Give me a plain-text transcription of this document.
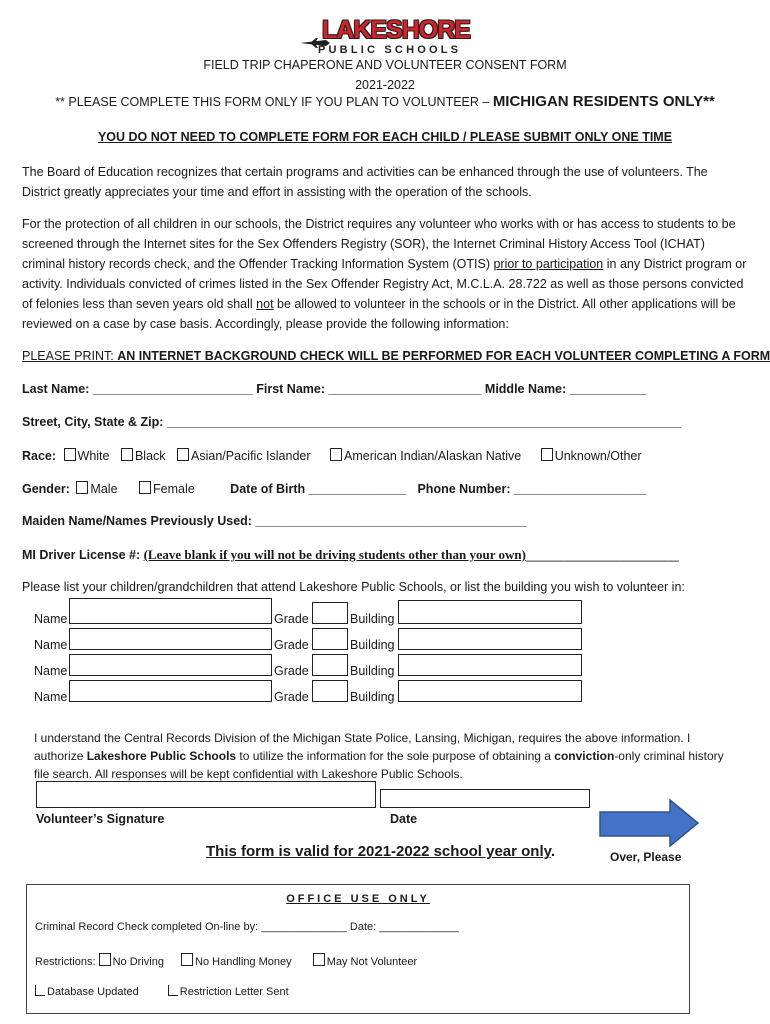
LAKESHORE
PUBLIC SCHOOLS
FIELD TRIP CHAPERONE AND VOLUNTEER CONSENT FORM
2021-2022
** PLEASE COMPLETE THIS FORM ONLY IF YOU PLAN TO VOLUNTEER – MICHIGAN RESIDENTS ONLY**
YOU DO NOT NEED TO COMPLETE FORM FOR EACH CHILD / PLEASE SUBMIT ONLY ONE TIME
The Board of Education recognizes that certain programs and activities can be enhanced through the use of volunteers. The District greatly appreciates your time and effort in assisting with the operation of the schools.
For the protection of all children in our schools, the District requires any volunteer who works with or has access to students to be screened through the Internet sites for the Sex Offenders Registry (SOR), the Internet Criminal History Access Tool (ICHAT) criminal history records check, and the Offender Tracking Information System (OTIS) prior to participation in any District program or activity. Individuals convicted of crimes listed in the Sex Offender Registry Act, M.C.L.A. 28.722 as well as those persons convicted of felonies less than seven years old shall not be allowed to volunteer in the schools or in the District. All other applications will be reviewed on a case by case basis. Accordingly, please provide the following information:
PLEASE PRINT: AN INTERNET BACKGROUND CHECK WILL BE PERFORMED FOR EACH VOLUNTEER COMPLETING A FORM
Last Name: _______________________ First Name: ______________________ Middle Name: ___________
Street, City, State & Zip: __________________________________________________________________________
Race: White Black Asian/Pacific Islander	American Indian/Alaskan Native	Unknown/Other
Gender: Male	Female	Date of Birth ______________ Phone Number: ___________________
Maiden Name/Names Previously Used: _______________________________________
MI Driver License #: (Leave blank if you will not be driving students other than your own)______________________
Please list your children/grandchildren that attend Lakeshore Public Schools, or list the building you wish to volunteer in:
Name	Grade	Building
Name	Grade	Building
Name	Grade	Building
Name	Grade	Building
I understand the Central Records Division of the Michigan State Police, Lansing, Michigan, requires the above information. I authorize Lakeshore Public Schools to utilize the information for the sole purpose of obtaining a conviction-only criminal history file search. All responses will be kept confidential with Lakeshore Public Schools.
Volunteer’s Signature	Date
This form is valid for 2021-2022 school year only.	Over, Please
OFFICE USE ONLY
Criminal Record Check completed On-line by: ______________ Date: _____________
Restrictions: No Driving	No Handling Money	May Not Volunteer
Database Updated	Restriction Letter Sent
